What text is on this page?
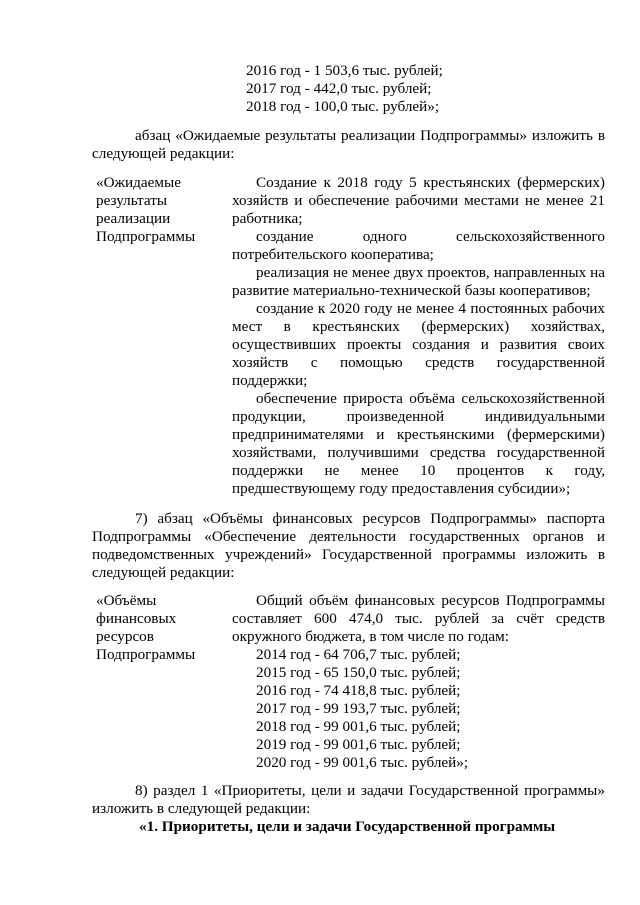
2016 год - 1 503,6 тыс. рублей;
2017 год - 442,0 тыс. рублей;
2018 год - 100,0 тыс. рублей»;
абзац «Ожидаемые результаты реализации Подпрограммы» изложить в
следующей редакции:
«Ожидаемые
результаты
реализации
Подпрограммы
Создание к 2018 году 5 крестьянских (фермерских)
хозяйств и обеспечение рабочими местами не менее 21
работника;
создание одного сельскохозяйственного
потребительского кооператива;
реализация не менее двух проектов, направленных на
развитие материально-технической базы кооперативов;
создание к 2020 году не менее 4 постоянных рабочих
мест в крестьянских (фермерских) хозяйствах,
осуществивших проекты создания и развития своих
хозяйств с помощью средств государственной
поддержки;
обеспечение прироста объёма сельскохозяйственной
продукции, произведенной индивидуальными
предпринимателями и крестьянскими (фермерскими)
хозяйствами, получившими средства государственной
поддержки не менее 10 процентов к году,
предшествующему году предоставления субсидии»;
7) абзац «Объёмы финансовых ресурсов Подпрограммы» паспорта
Подпрограммы «Обеспечение деятельности государственных органов и
подведомственных учреждений» Государственной программы изложить в
следующей редакции:
«Объёмы
финансовых
ресурсов
Подпрограммы
Общий объём финансовых ресурсов Подпрограммы
составляет 600 474,0 тыс. рублей за счёт средств
окружного бюджета, в том числе по годам:
2014 год - 64 706,7 тыс. рублей;
2015 год - 65 150,0 тыс. рублей;
2016 год - 74 418,8 тыс. рублей;
2017 год - 99 193,7 тыс. рублей;
2018 год - 99 001,6 тыс. рублей;
2019 год - 99 001,6 тыс. рублей;
2020 год - 99 001,6 тыс. рублей»;
8) раздел 1 «Приоритеты, цели и задачи Государственной программы»
изложить в следующей редакции:
«1. Приоритеты, цели и задачи Государственной программы
